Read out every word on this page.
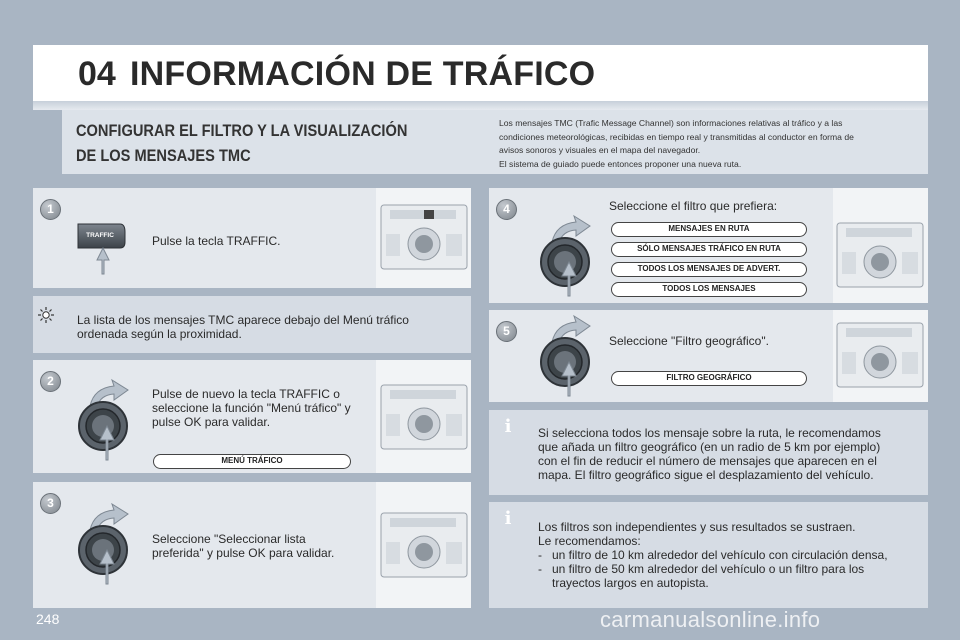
04 INFORMACIÓN DE TRÁFICO
CONFIGURAR EL FILTRO Y LA VISUALIZACIÓN
DE LOS MENSAJES TMC
Los mensajes TMC (Trafic Message Channel) son informaciones relativas al tráfico y a las
condiciones meteorológicas, recibidas en tiempo real y transmitidas al conductor en forma de
avisos sonoros y visuales en el mapa del navegador.
El sistema de guiado puede entonces proponer una nueva ruta.
1
TRAFFIC	Pulse la tecla TRAFFIC.
La lista de los mensajes TMC aparece debajo del Menú tráfico
ordenada según la proximidad.
2
Pulse de nuevo la tecla TRAFFIC o
seleccione la función "Menú tráfico" y
pulse OK para validar.
MENÚ TRÁFICO
3
Seleccione "Seleccionar lista
preferida" y pulse OK para validar.
4	Seleccione el filtro que prefiera:
MENSAJES EN RUTA
SÓLO MENSAJES TRÁFICO EN RUTA
TODOS LOS MENSAJES DE ADVERT.
TODOS LOS MENSAJES
5
Seleccione "Filtro geográfico".
FILTRO GEOGRÁFICO
i	Si selecciona todos los mensaje sobre la ruta, le recomendamos
que añada un filtro geográfico (en un radio de 5 km por ejemplo)
con el fin de reducir el número de mensajes que aparecen en el
mapa. El filtro geográfico sigue el desplazamiento del vehículo.
i	Los filtros son independientes y sus resultados se sustraen.
Le recomendamos:
- un filtro de 10 km alrededor del vehículo con circulación densa,
- un filtro de 50 km alrededor del vehículo o un filtro para los
trayectos largos en autopista.
248	carmanualsonline.info
